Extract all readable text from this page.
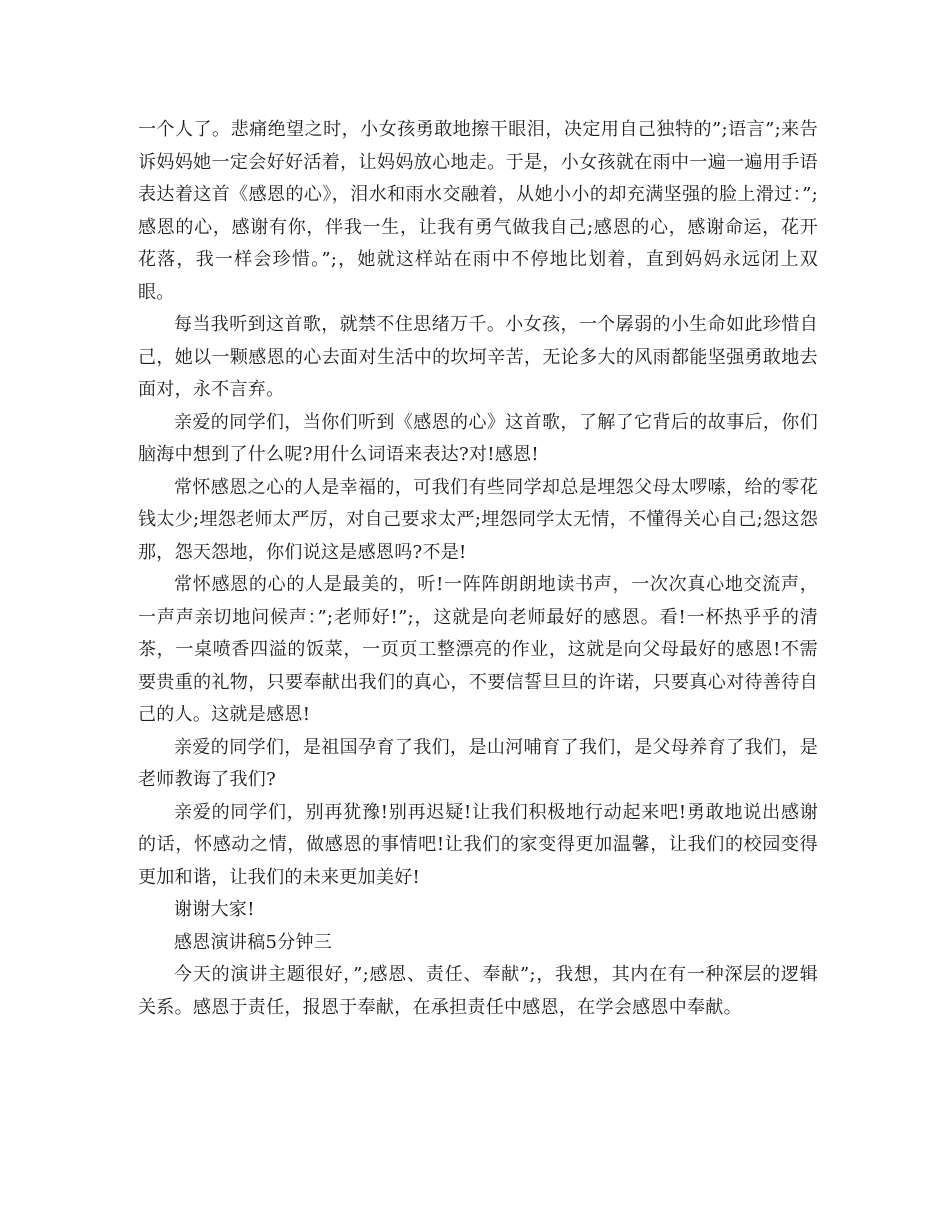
一个人了。悲痛绝望之时，小女孩勇敢地擦干眼泪，决定用自己独特的”;语言”;来告诉妈妈她一定会好好活着，让妈妈放心地走。于是，小女孩就在雨中一遍一遍用手语表达着这首《感恩的心》，泪水和雨水交融着，从她小小的却充满坚强的脸上滑过：”;感恩的心，感谢有你，伴我一生，让我有勇气做我自己;感恩的心，感谢命运，花开花落，我一样会珍惜。”;，她就这样站在雨中不停地比划着，直到妈妈永远闭上双眼。

每当我听到这首歌，就禁不住思绪万千。小女孩，一个孱弱的小生命如此珍惜自己，她以一颗感恩的心去面对生活中的坎坷辛苦，无论多大的风雨都能坚强勇敢地去面对，永不言弃。

亲爱的同学们，当你们听到《感恩的心》这首歌，了解了它背后的故事后，你们脑海中想到了什么呢?用什么词语来表达?对!感恩!

常怀感恩之心的人是幸福的，可我们有些同学却总是埋怨父母太啰嗦，给的零花钱太少;埋怨老师太严厉，对自己要求太严;埋怨同学太无情，不懂得关心自己;怨这怨那，怨天怨地，你们说这是感恩吗?不是!

常怀感恩的心的人是最美的，听!一阵阵朗朗地读书声，一次次真心地交流声，一声声亲切地问候声：”;老师好!”;，这就是向老师最好的感恩。看!一杯热乎乎的清茶，一桌喷香四溢的饭菜，一页页工整漂亮的作业，这就是向父母最好的感恩!不需要贵重的礼物，只要奉献出我们的真心，不要信誓旦旦的许诺，只要真心对待善待自己的人。这就是感恩!

亲爱的同学们，是祖国孕育了我们，是山河哺育了我们，是父母养育了我们，是老师教诲了我们?

亲爱的同学们，别再犹豫!别再迟疑!让我们积极地行动起来吧!勇敢地说出感谢的话，怀感动之情，做感恩的事情吧!让我们的家变得更加温馨，让我们的校园变得更加和谐，让我们的未来更加美好!

谢谢大家!

感恩演讲稿5分钟三

今天的演讲主题很好，”;感恩、责任、奉献”;，我想，其内在有一种深层的逻辑关系。感恩于责任，报恩于奉献，在承担责任中感恩，在学会感恩中奉献。
